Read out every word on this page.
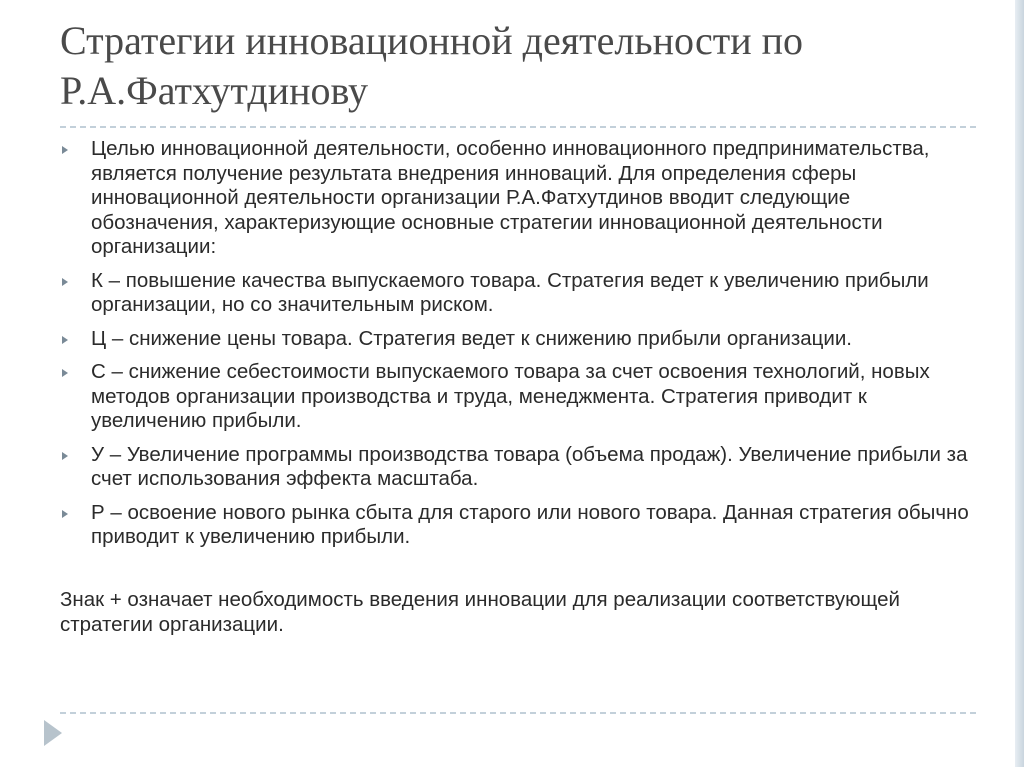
Стратегии инновационной деятельности по Р.А.Фатхутдинову
Целью инновационной деятельности, особенно инновационного предпринимательства, является получение результата внедрения инноваций. Для определения сферы инновационной деятельности организации Р.А.Фатхутдинов вводит следующие обозначения, характеризующие основные стратегии инновационной деятельности организации:
К – повышение качества выпускаемого товара. Стратегия ведет к увеличению прибыли организации, но со значительным риском.
Ц – снижение цены товара. Стратегия ведет к снижению прибыли организации.
С – снижение себестоимости выпускаемого товара за счет освоения технологий, новых методов организации производства и труда, менеджмента. Стратегия приводит к увеличению прибыли.
У – Увеличение программы производства товара (объема продаж). Увеличение прибыли за счет использования эффекта масштаба.
Р – освоение нового рынка сбыта для старого или нового товара. Данная стратегия обычно приводит к увеличению прибыли.

Знак + означает необходимость введения инновации для реализации соответствующей стратегии организации.
